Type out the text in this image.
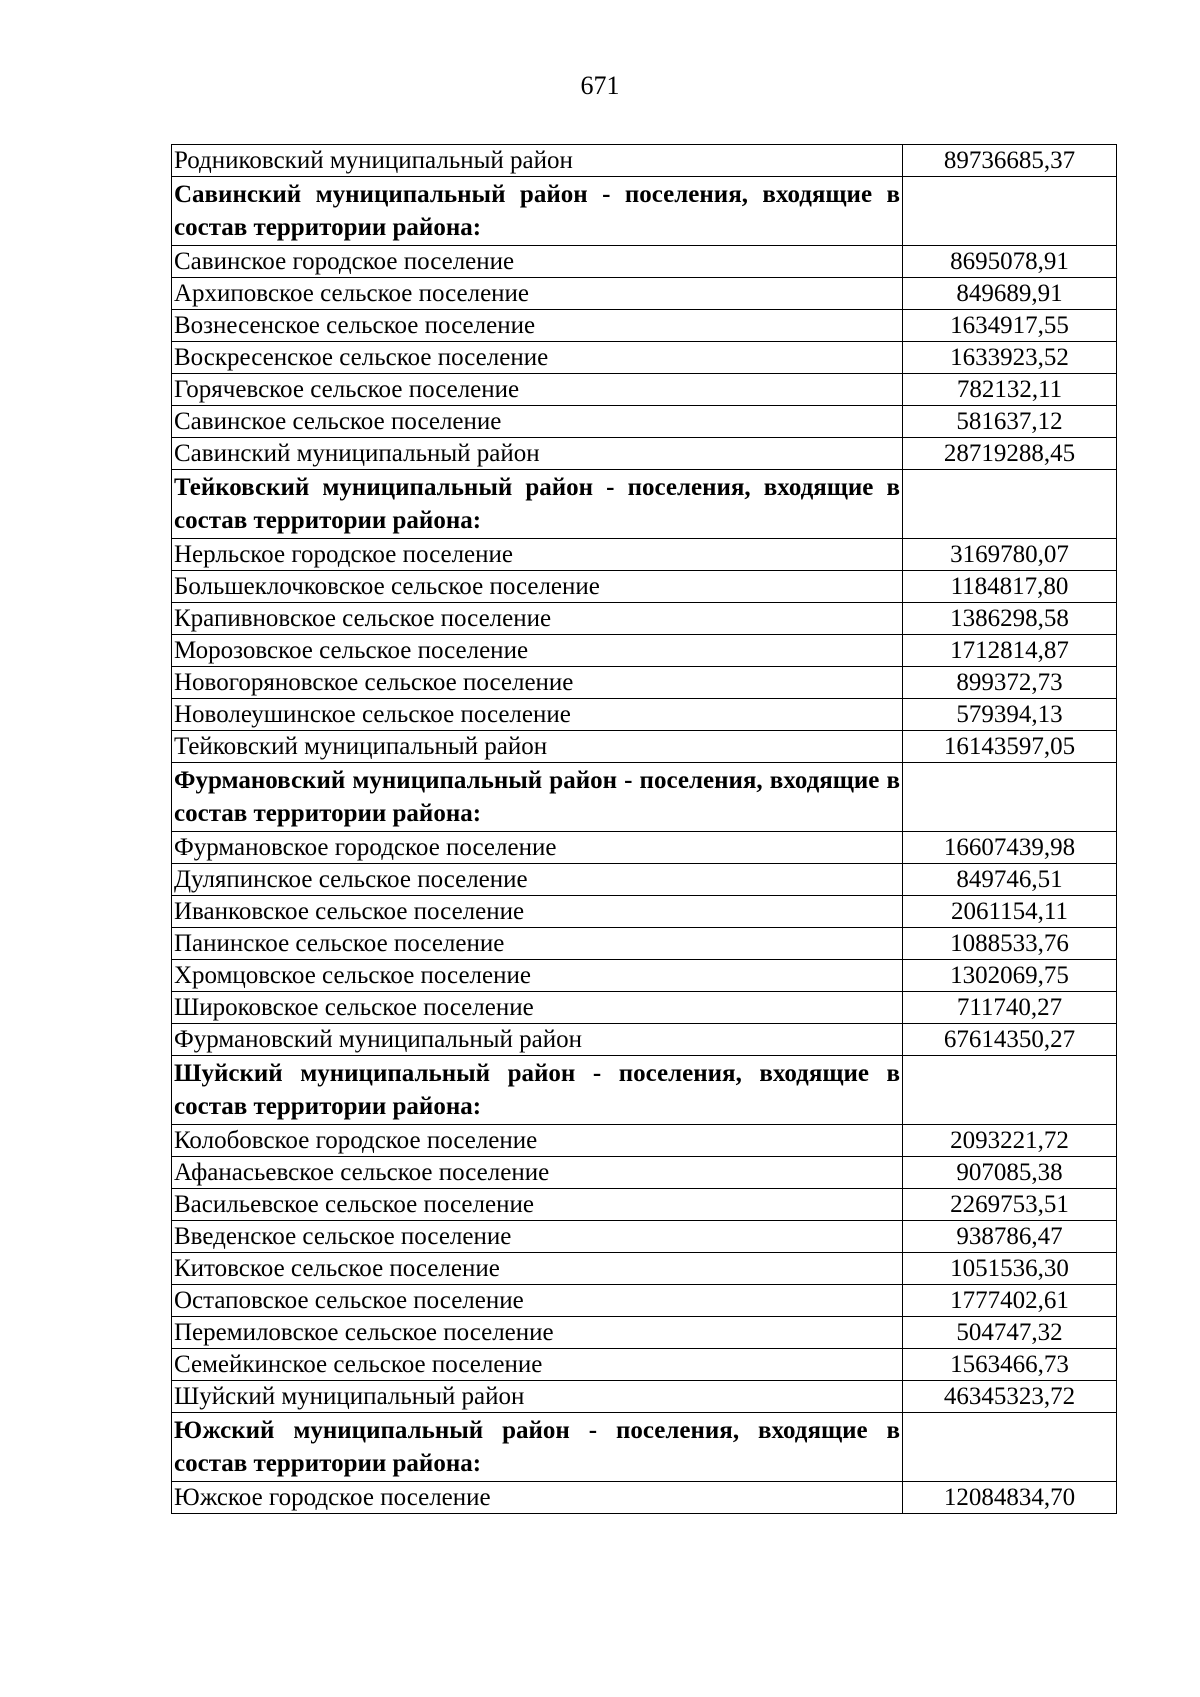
671
Родниковский муниципальный район	89736685,37
Савинский муниципальный район - поселения, входящие в состав территории района:	
Савинское городское поселение	8695078,91
Архиповское сельское поселение	849689,91
Вознесенское сельское поселение	1634917,55
Воскресенское сельское поселение	1633923,52
Горячевское сельское поселение	782132,11
Савинское сельское поселение	581637,12
Савинский муниципальный район	28719288,45
Тейковский муниципальный район - поселения, входящие в состав территории района:	
Нерльское городское поселение	3169780,07
Большеклочковское сельское поселение	1184817,80
Крапивновское сельское поселение	1386298,58
Морозовское сельское поселение	1712814,87
Новогоряновское сельское поселение	899372,73
Новолеушинское сельское поселение	579394,13
Тейковский муниципальный район	16143597,05
Фурмановский муниципальный район - поселения, входящие в состав территории района:	
Фурмановское городское поселение	16607439,98
Дуляпинское сельское поселение	849746,51
Иванковское сельское поселение	2061154,11
Панинское сельское поселение	1088533,76
Хромцовское сельское поселение	1302069,75
Широковское сельское поселение	711740,27
Фурмановский муниципальный район	67614350,27
Шуйский муниципальный район - поселения, входящие в состав территории района:	
Колобовское городское поселение	2093221,72
Афанасьевское сельское поселение	907085,38
Васильевское сельское поселение	2269753,51
Введенское сельское поселение	938786,47
Китовское сельское поселение	1051536,30
Остаповское сельское поселение	1777402,61
Перемиловское сельское поселение	504747,32
Семейкинское сельское поселение	1563466,73
Шуйский муниципальный район	46345323,72
Южский муниципальный район - поселения, входящие в состав территории района:	
Южское городское поселение	12084834,70
